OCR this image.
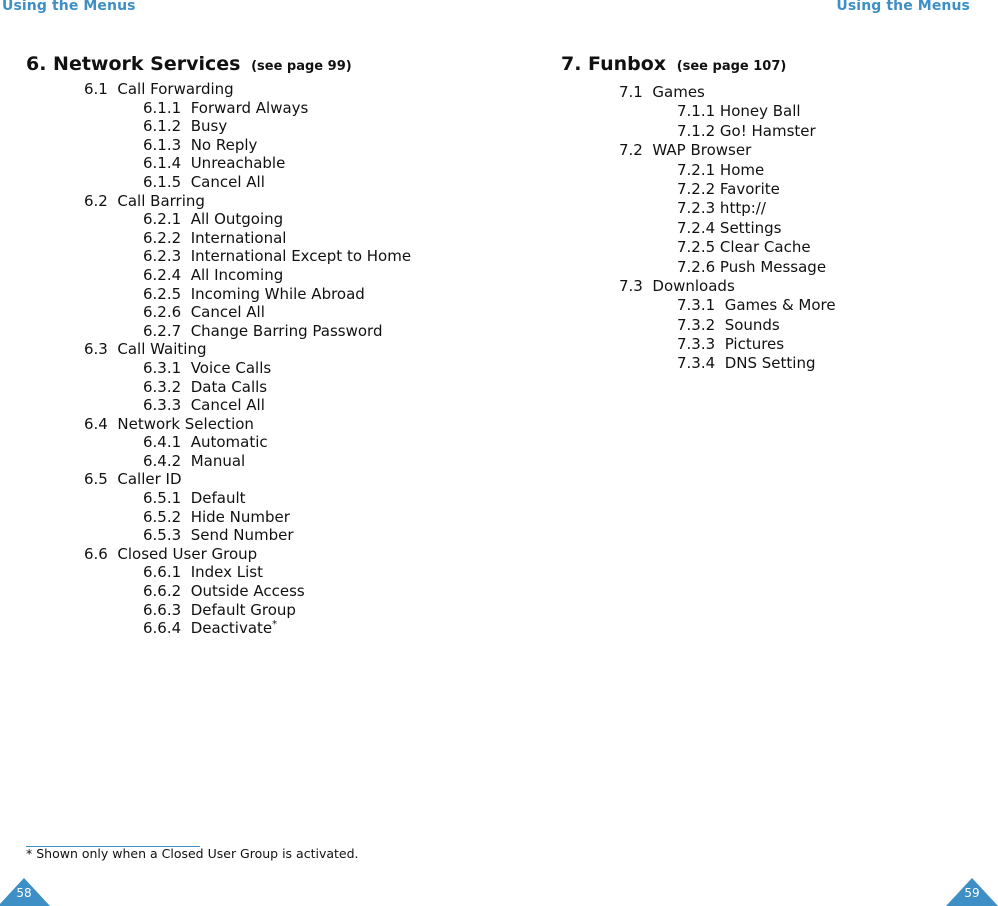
Using the Menus	Using the Menus
6. Network Services (see page 99)
6.1  Call Forwarding
6.1.1  Forward Always
6.1.2  Busy
6.1.3  No Reply
6.1.4  Unreachable
6.1.5  Cancel All
6.2  Call Barring
6.2.1  All Outgoing
6.2.2  International
6.2.3  International Except to Home
6.2.4  All Incoming
6.2.5  Incoming While Abroad
6.2.6  Cancel All
6.2.7  Change Barring Password
6.3  Call Waiting
6.3.1  Voice Calls
6.3.2  Data Calls
6.3.3  Cancel All
6.4  Network Selection
6.4.1  Automatic
6.4.2  Manual
6.5  Caller ID
6.5.1  Default
6.5.2  Hide Number
6.5.3  Send Number
6.6  Closed User Group
6.6.1  Index List
6.6.2  Outside Access
6.6.3  Default Group
6.6.4  Deactivate*
7. Funbox (see page 107)
7.1  Games
7.1.1 Honey Ball
7.1.2 Go! Hamster
7.2  WAP Browser
7.2.1 Home
7.2.2 Favorite
7.2.3 http://
7.2.4 Settings
7.2.5 Clear Cache
7.2.6 Push Message
7.3  Downloads
7.3.1  Games & More
7.3.2  Sounds
7.3.3  Pictures
7.3.4  DNS Setting
* Shown only when a Closed User Group is activated.
58	59
